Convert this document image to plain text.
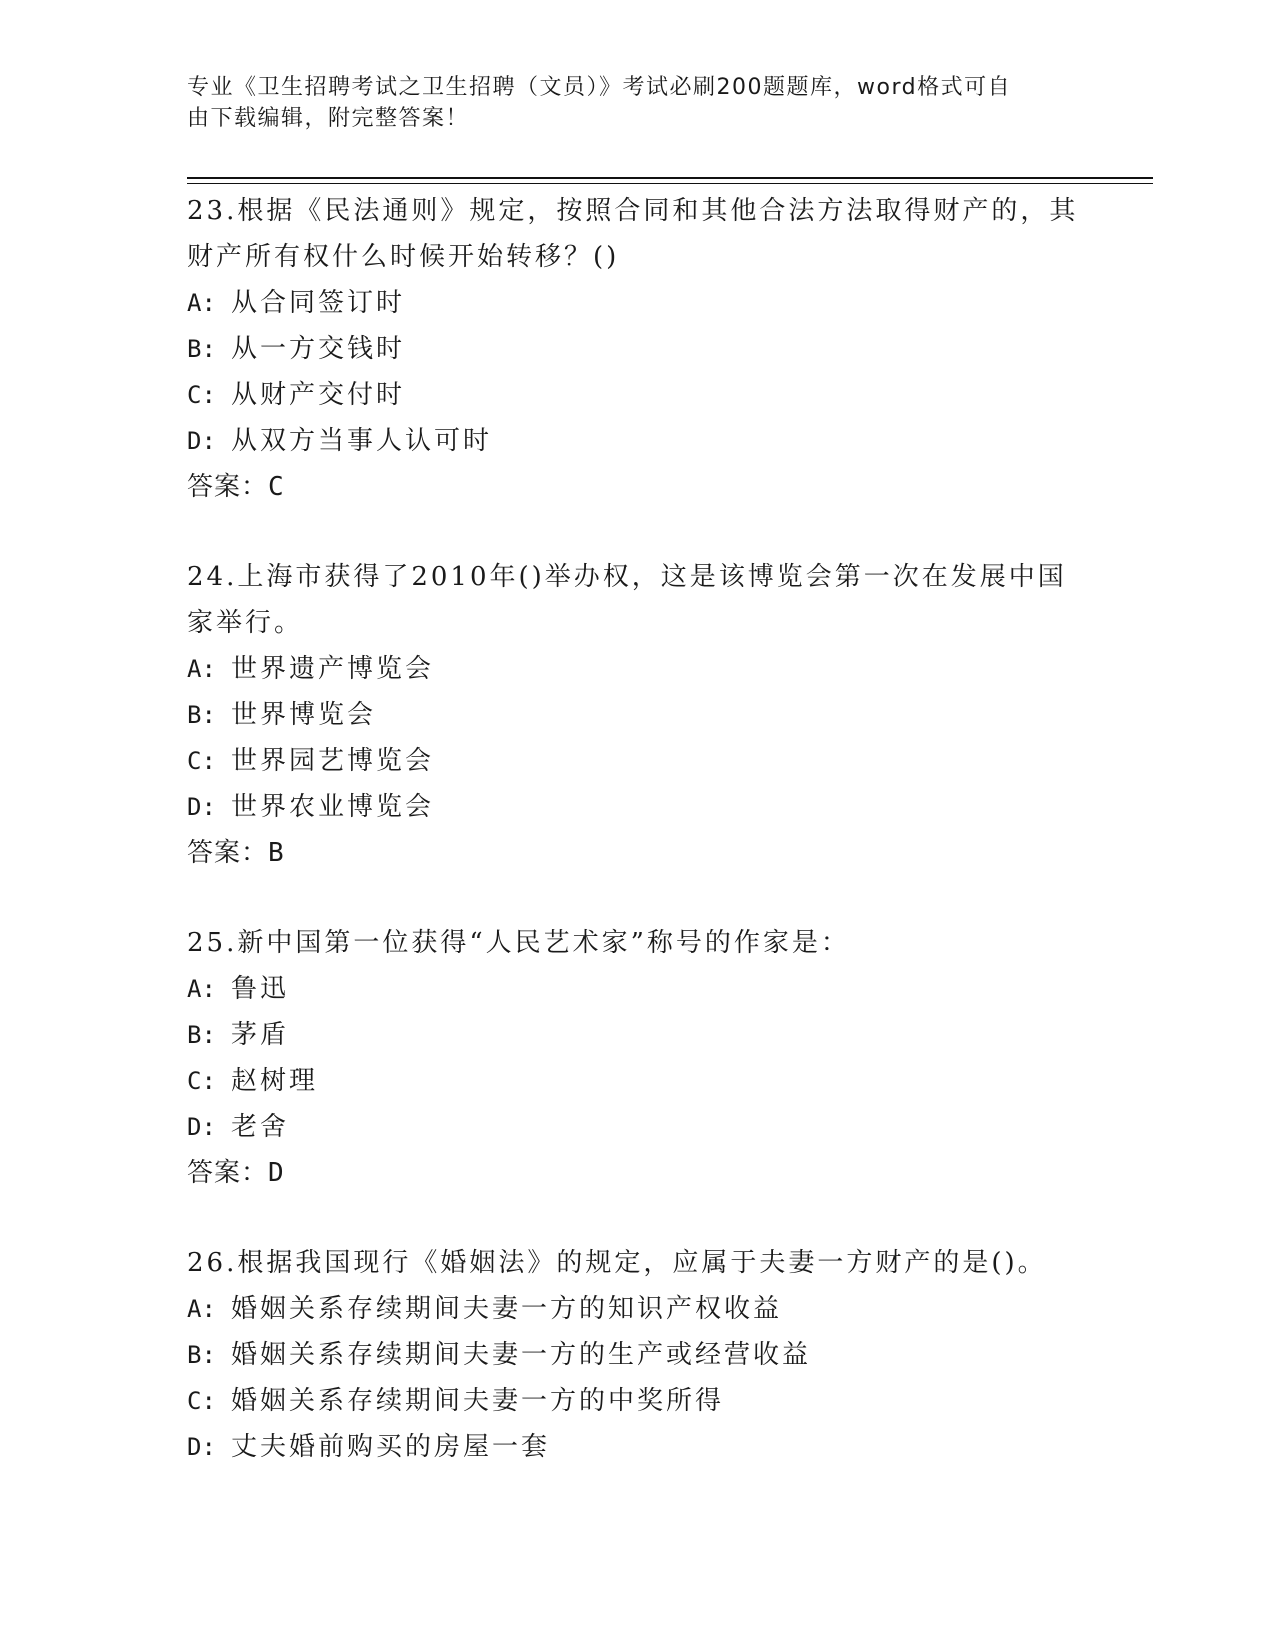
专业《卫生招聘考试之卫生招聘（文员）》考试必刷200题题库，word格式可自
由下载编辑，附完整答案！

23.根据《民法通则》规定，按照合同和其他合法方法取得财产的，其
财产所有权什么时候开始转移？()

A: 从合同签订时

B: 从一方交钱时

C: 从财产交付时

D: 从双方当事人认可时

答案：C

24.上海市获得了2010年()举办权，这是该博览会第一次在发展中国
家举行。

A: 世界遗产博览会

B: 世界博览会

C: 世界园艺博览会

D: 世界农业博览会

答案：B

25.新中国第一位获得“人民艺术家”称号的作家是：

A: 鲁迅

B: 茅盾

C: 赵树理

D: 老舍

答案：D

26.根据我国现行《婚姻法》的规定，应属于夫妻一方财产的是()。

A: 婚姻关系存续期间夫妻一方的知识产权收益

B: 婚姻关系存续期间夫妻一方的生产或经营收益

C: 婚姻关系存续期间夫妻一方的中奖所得

D: 丈夫婚前购买的房屋一套
